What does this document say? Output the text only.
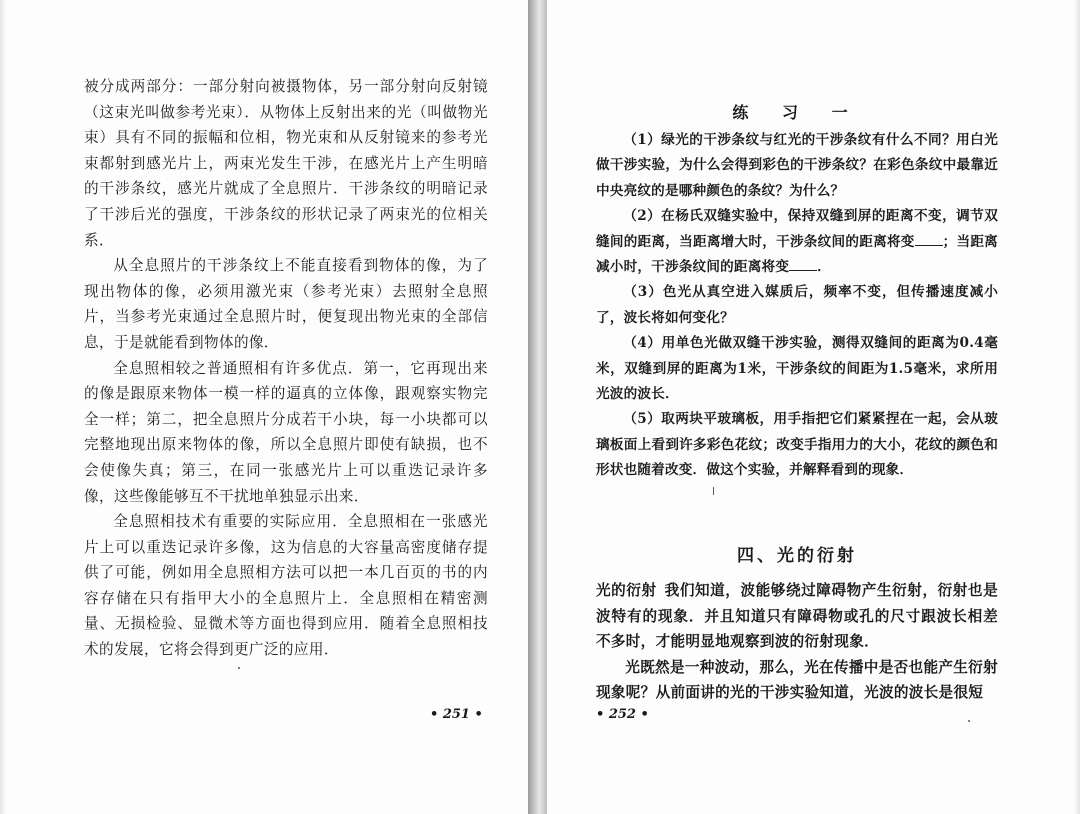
被分成两部分：一部分射向被摄物体，另一部分射向反射镜（这束光叫做参考光束）．从物体上反射出来的光（叫做物光束）具有不同的振幅和位相，物光束和从反射镜来的参考光束都射到感光片上，两束光发生干涉，在感光片上产生明暗的干涉条纹，感光片就成了全息照片．干涉条纹的明暗记录了干涉后光的强度，干涉条纹的形状记录了两束光的位相关系．

从全息照片的干涉条纹上不能直接看到物体的像，为了现出物体的像，必须用激光束（参考光束）去照射全息照片，当参考光束通过全息照片时，便复现出物光束的全部信息，于是就能看到物体的像．

全息照相较之普通照相有许多优点．第一，它再现出来的像是跟原来物体一模一样的逼真的立体像，跟观察实物完全一样；第二，把全息照片分成若干小块，每一小块都可以完整地现出原来物体的像，所以全息照片即使有缺损，也不会使像失真；第三，在同一张感光片上可以重迭记录许多像，这些像能够互不干扰地单独显示出来．

全息照相技术有重要的实际应用．全息照相在一张感光片上可以重迭记录许多像，这为信息的大容量高密度储存提供了可能，例如用全息照相方法可以把一本几百页的书的内容存储在只有指甲大小的全息照片上．全息照相在精密测量、无损检验、显微术等方面也得到应用．随着全息照相技术的发展，它将会得到更广泛的应用．

• 251 •
练 习 一

（1）绿光的干涉条纹与红光的干涉条纹有什么不同？用白光做干涉实验，为什么会得到彩色的干涉条纹？在彩色条纹中最靠近中央亮纹的是哪种颜色的条纹？为什么？

（2）在杨氏双缝实验中，保持双缝到屏的距离不变，调节双缝间的距离，当距离增大时，干涉条纹间的距离将变 ；当距离减小时，干涉条纹间的距离将变 ．

（3）色光从真空进入媒质后，频率不变，但传播速度减小了，波长将如何变化？

（4）用单色光做双缝干涉实验，测得双缝间的距离为0.4毫米，双缝到屏的距离为1米，干涉条纹的间距为1.5毫米，求所用光波的波长．

（5）取两块平玻璃板，用手指把它们紧紧捏在一起，会从玻璃板面上看到许多彩色花纹；改变手指用力的大小，花纹的颜色和形状也随着改变．做这个实验，并解释看到的现象．

四、光的衍射

光的衍射 我们知道，波能够绕过障碍物产生衍射，衍射也是波特有的现象．并且知道只有障碍物或孔的尺寸跟波长相差不多时，才能明显地观察到波的衍射现象．

光既然是一种波动，那么，光在传播中是否也能产生衍射现象呢？从前面讲的光的干涉实验知道，光波的波长是很短

• 252 •
